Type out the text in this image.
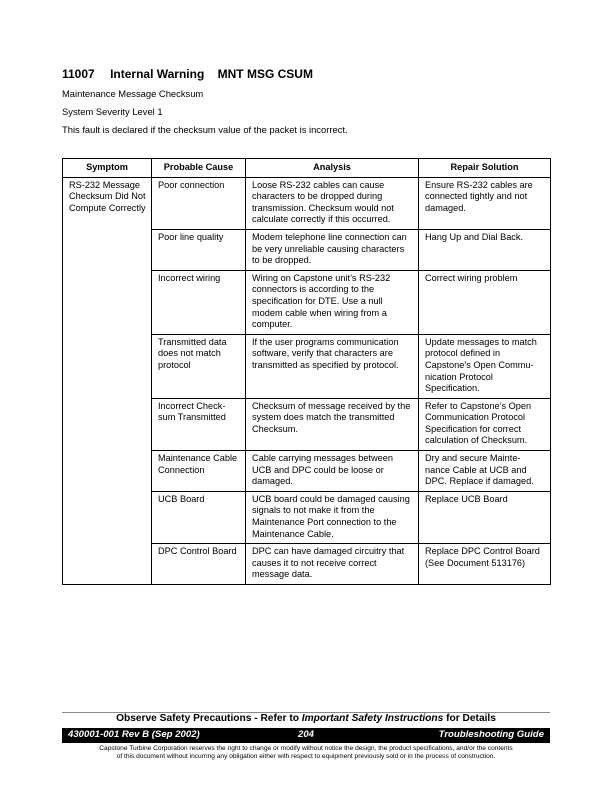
11007 Internal Warning MNT MSG CSUM
Maintenance Message Checksum
System Severity Level 1
This fault is declared if the checksum value of the packet is incorrect.
Symptom	Probable Cause	Analysis	Repair Solution
RS-232 Message Checksum Did Not Compute Correctly	Poor connection	Loose RS-232 cables can cause characters to be dropped during transmission. Checksum would not calculate correctly if this occurred.	Ensure RS-232 cables are connected tightly and not damaged.
	Poor line quality	Modem telephone line connection can be very unreliable causing characters to be dropped.	Hang Up and Dial Back.
	Incorrect wiring	Wiring on Capstone unit’s RS-232 connectors is according to the specification for DTE. Use a null modem cable when wiring from a computer.	Correct wiring problem
	Transmitted data does not match protocol	If the user programs communication software, verify that characters are transmitted as specified by protocol.	Update messages to match protocol defined in Capstone’s Open Commu-nication Protocol Specification.
	Incorrect Check-sum Transmitted	Checksum of message received by the system does match the transmitted Checksum.	Refer to Capstone’s Open Communication Protocol Specification for correct calculation of Checksum.
	Maintenance Cable Connection	Cable carrying messages between UCB and DPC could be loose or damaged.	Dry and secure Mainte-nance Cable at UCB and DPC. Replace if damaged.
	UCB Board	UCB board could be damaged causing signals to not make it from the Maintenance Port connection to the Maintenance Cable.	Replace UCB Board
	DPC Control Board	DPC can have damaged circuitry that causes it to not receive correct message data.	Replace DPC Control Board (See Document 513176)
Observe Safety Precautions - Refer to Important Safety Instructions for Details
204
430001-001 Rev B (Sep 2002)	Troubleshooting Guide
Capstone Turbine Corporation reserves the right to change or modify without notice the design, the product specifications, and/or the contents
of this document without incurring any obligation either with respect to equipment previously sold or in the process of construction.
